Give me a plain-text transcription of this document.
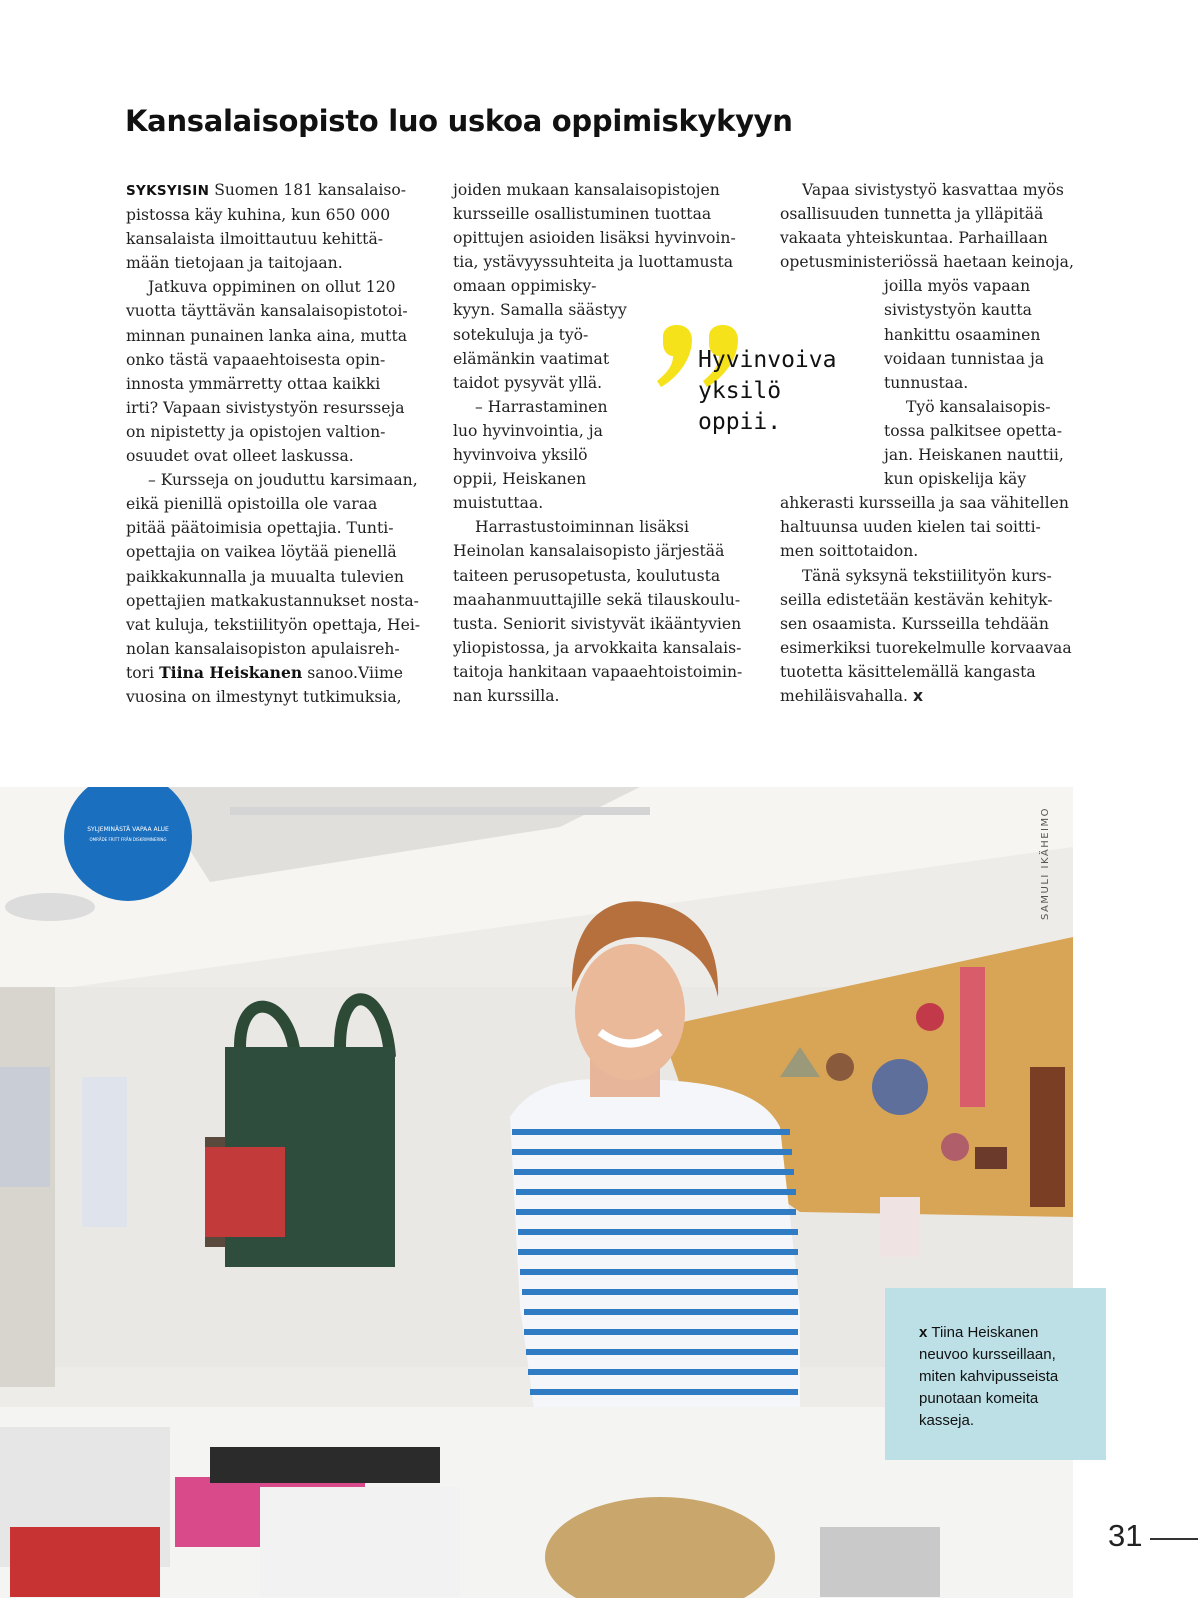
Kansalaisopisto luo uskoa oppimiskykyyn

SYKSYISIN Suomen 181 kansalaiso-
pistossa käy kuhina, kun 650 000
kansalaista ilmoittautuu kehittä-
mään tietojaan ja taitojaan.

Jatkuva oppiminen on ollut 120
vuotta täyttävän kansalaisopistotoi-
minnan punainen lanka aina, mutta
onko tästä vapaaehtoisesta opin-
innosta ymmärretty ottaa kaikki
irti? Vapaan sivistystyön resursseja
on nipistetty ja opistojen valtion-
osuudet ovat olleet laskussa.

– Kursseja on jouduttu karsimaan,
eikä pienillä opistoilla ole varaa
pitää päätoimisia opettajia. Tunti-
opettajia on vaikea löytää pienellä
paikkakunnalla ja muualta tulevien
opettajien matkakustannukset nosta-
vat kuluja, tekstiilityön opettaja, Hei-
nolan kansalaisopiston apulaisreh-
tori Tiina Heiskanen sanoo.Viime
vuosina on ilmestynyt tutkimuksia,

joiden mukaan kansalaisopistojen
kursseille osallistuminen tuottaa
opittujen asioiden lisäksi hyvinvoin-
tia, ystävyyssuhteita ja luottamusta
omaan oppimisky-
kyyn. Samalla säästyy
sotekuluja ja työ-
elämänkin vaatimat
taidot pysyvät yllä.

– Harrastaminen
luo hyvinvointia, ja
hyvinvoiva yksilö
oppii, Heiskanen
muistuttaa.

Harrastustoiminnan lisäksi
Heinolan kansalaisopisto järjestää
taiteen perusopetusta, koulutusta
maahanmuuttajille sekä tilauskoulu-
tusta. Seniorit sivistyvät ikääntyvien
yliopistossa, ja arvokkaita kansalais-
taitoja hankitaan vapaaehtoistoimin-
nan kurssilla.

Vapaa sivistystyö kasvattaa myös
osallisuuden tunnetta ja ylläpitää
vakaata yhteiskuntaa. Parhaillaan
opetusministeriössä haetaan keinoja,

joilla myös vapaan
sivistystyön kautta
hankittu osaaminen
voidaan tunnistaa ja
tunnustaa.

Työ kansalaisopis-
tossa palkitsee opetta-
jan. Heiskanen nauttii,
kun opiskelija käy

ahkerasti kursseilla ja saa vähitellen
haltuunsa uuden kielen tai soitti-
men soittotaidon.

Tänä syksynä tekstiilityön kurs-
seilla edistetään kestävän kehityk-
sen osaamista. Kursseilla tehdään
esimerkiksi tuorekelmulle korvaavaa
tuotetta käsittelemällä kangasta
mehiläisvahalla. x

Hyvinvoiva
yksilö
oppii.
SYLJEMINÄSTÄ VAPAA ALUE
OMRÅDE FRITT FRÅN DISKRIMINERING	SAMULI IKÄHEIMO

x Tiina Heiskanen
neuvoo kursseillaan,
miten kahvipusseista
punotaan komeita
kasseja.

31
